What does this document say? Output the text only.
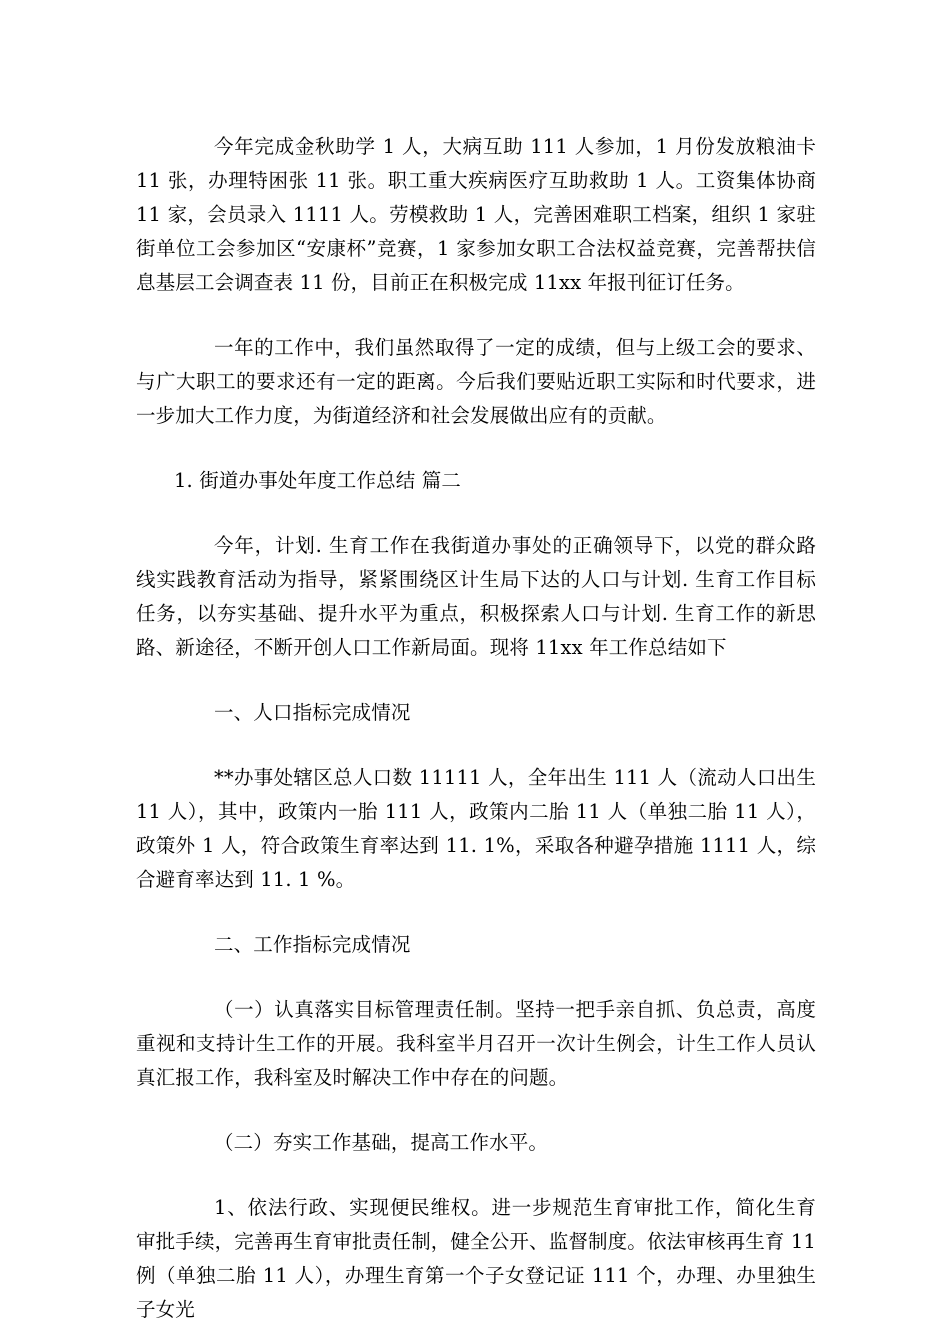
今年完成金秋助学 1 人，大病互助 111 人参加，1 月份发放粮油卡 11 张，办理特困张 11 张。职工重大疾病医疗互助救助 1 人。工资集体协商 11 家，会员录入 1111 人。劳模救助 1 人，完善困难职工档案，组织 1 家驻街单位工会参加区“安康杯”竞赛，1 家参加女职工合法权益竞赛，完善帮扶信息基层工会调查表 11 份，目前正在积极完成 11xx 年报刊征订任务。

一年的工作中，我们虽然取得了一定的成绩，但与上级工会的要求、与广大职工的要求还有一定的距离。今后我们要贴近职工实际和时代要求，进一步加大工作力度，为街道经济和社会发展做出应有的贡献。

1. 街道办事处年度工作总结 篇二

今年，计划. 生育工作在我街道办事处的正确领导下，以党的群众路线实践教育活动为指导，紧紧围绕区计生局下达的人口与计划. 生育工作目标任务，以夯实基础、提升水平为重点，积极探索人口与计划. 生育工作的新思路、新途径，不断开创人口工作新局面。现将 11xx 年工作总结如下

一、人口指标完成情况

**办事处辖区总人口数 11111 人，全年出生 111 人（流动人口出生 11 人），其中，政策内一胎 111 人，政策内二胎 11 人（单独二胎 11 人），政策外 1 人，符合政策生育率达到 11. 1%，采取各种避孕措施 1111 人，综合避育率达到 11. 1 %。

二、工作指标完成情况

（一）认真落实目标管理责任制。坚持一把手亲自抓、负总责，高度重视和支持计生工作的开展。我科室半月召开一次计生例会，计生工作人员认真汇报工作，我科室及时解决工作中存在的问题。

（二）夯实工作基础，提高工作水平。

1、依法行政、实现便民维权。进一步规范生育审批工作，简化生育审批手续，完善再生育审批责任制，健全公开、监督制度。依法审核再生育 11 例（单独二胎 11 人），办理生育第一个子女登记证 111 个，办理、办里独生子女光
